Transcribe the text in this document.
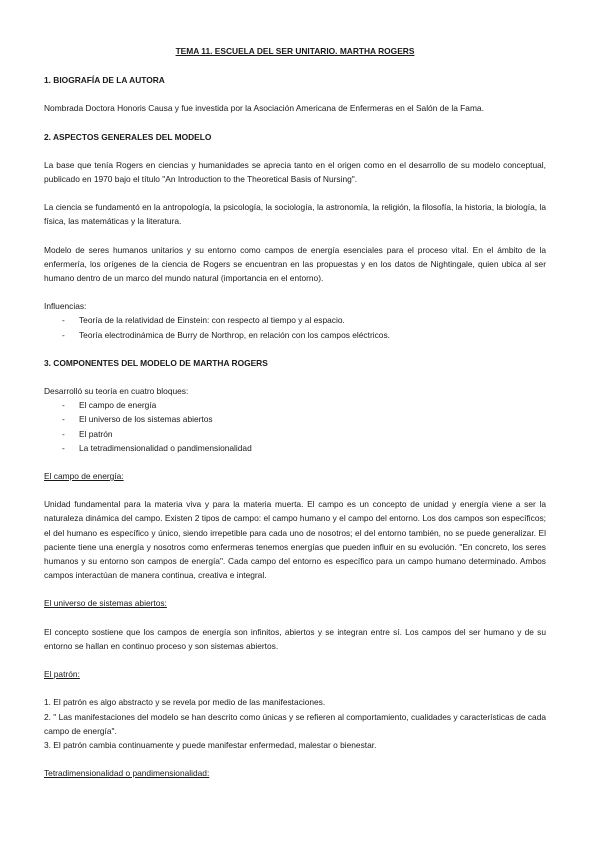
TEMA 11. ESCUELA DEL SER UNITARIO. MARTHA ROGERS
1. BIOGRAFÍA DE LA AUTORA
Nombrada Doctora Honoris Causa y fue investida por la Asociación Americana de Enfermeras en el Salón de la Fama.
2. ASPECTOS GENERALES DEL MODELO
La base que tenía Rogers en ciencias y humanidades se aprecia tanto en el origen como en el desarrollo de su modelo conceptual, publicado en 1970 bajo el título "An Introduction to the Theoretical Basis of Nursing".
La ciencia se fundamentó en la antropología, la psicología, la sociología, la astronomía, la religión, la filosofía, la historia, la biología, la física, las matemáticas y la literatura.
Modelo de seres humanos unitarios y su entorno como campos de energía esenciales para el proceso vital. En el ámbito de la enfermería, los orígenes de la ciencia de Rogers se encuentran en las propuestas y en los datos de Nightingale, quien ubica al ser humano dentro de un marco del mundo natural (importancia en el entorno).
Influencias:
- Teoría de la relatividad de Einstein: con respecto al tiempo y al espacio.
- Teoría electrodinámica de Burry de Northrop, en relación con los campos eléctricos.
3. COMPONENTES DEL MODELO DE MARTHA ROGERS
Desarrolló su teoría en cuatro bloques:
- El campo de energía
- El universo de los sistemas abiertos
- El patrón
- La tetradimensionalidad o pandimensionalidad
El campo de energía:
Unidad fundamental para la materia viva y para la materia muerta. El campo es un concepto de unidad y energía viene a ser la naturaleza dinámica del campo. Existen 2 tipos de campo: el campo humano y el campo del entorno. Los dos campos son específicos; el del humano es específico y único, siendo irrepetible para cada uno de nosotros; el del entorno también, no se puede generalizar. El paciente tiene una energía y nosotros como enfermeras tenemos energías que pueden influir en su evolución. "En concreto, los seres humanos y su entorno son campos de energía". Cada campo del entorno es específico para un campo humano determinado. Ambos campos interactúan de manera continua, creativa e integral.
El universo de sistemas abiertos:
El concepto sostiene que los campos de energía son infinitos, abiertos y se integran entre sí. Los campos del ser humano y de su entorno se hallan en continuo proceso y son sistemas abiertos.
El patrón:
1. El patrón es algo abstracto y se revela por medio de las manifestaciones.
2. " Las manifestaciones del modelo se han descrito como únicas y se refieren al comportamiento, cualidades y características de cada campo de energía".
3. El patrón cambia continuamente y puede manifestar enfermedad, malestar o bienestar.
Tetradimensionalidad o pandimensionalidad:
